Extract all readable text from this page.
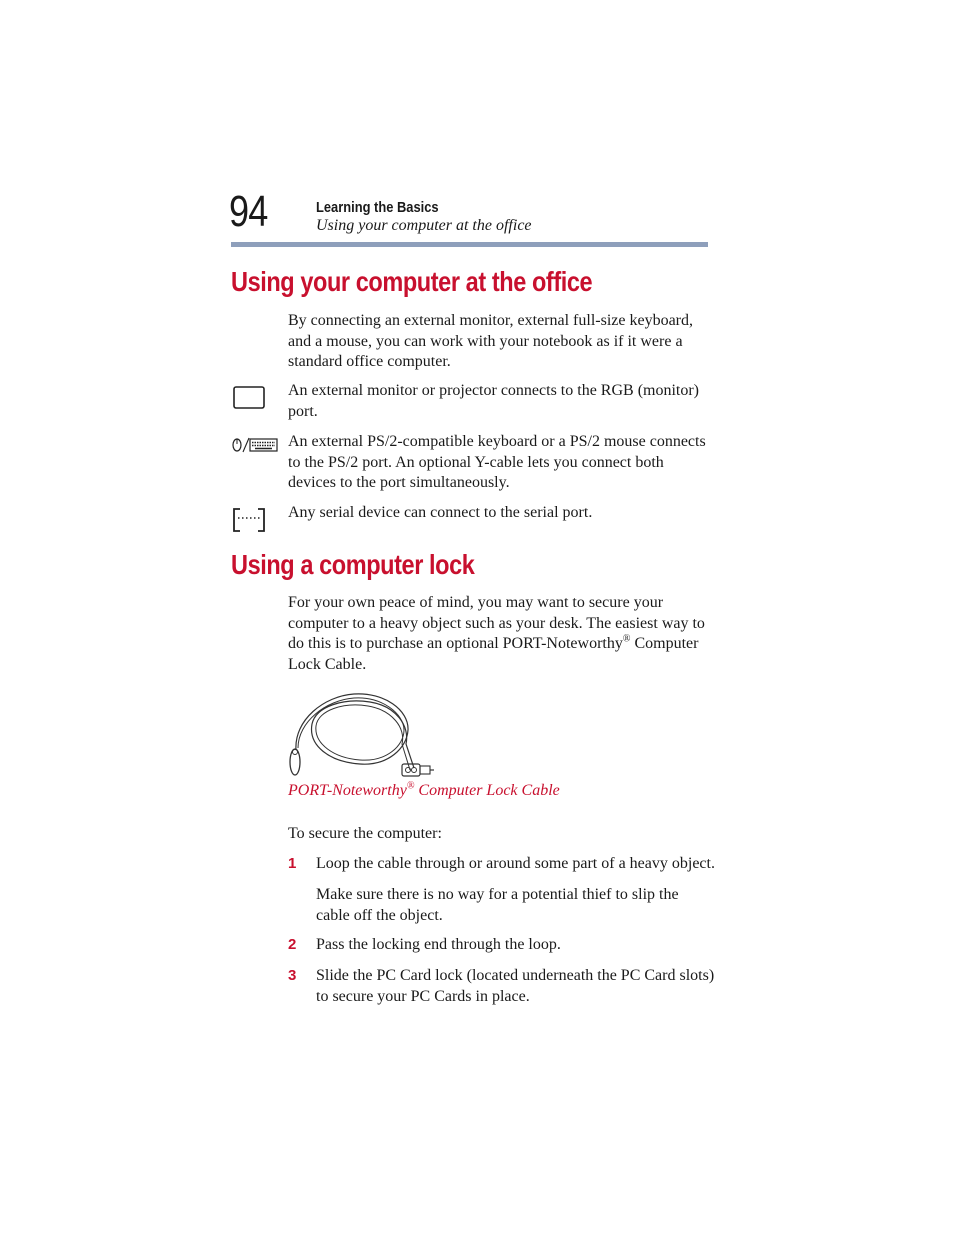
94	Learning the Basics
Using your computer at the office
Using your computer at the office

By connecting an external monitor, external full-size keyboard, and a mouse, you can work with your notebook as if it were a standard office computer.

An external monitor or projector connects to the RGB (monitor) port.

An external PS/2-compatible keyboard or a PS/2 mouse connects to the PS/2 port. An optional Y-cable lets you connect both devices to the port simultaneously.

Any serial device can connect to the serial port.

Using a computer lock

For your own peace of mind, you may want to secure your computer to a heavy object such as your desk. The easiest way to do this is to purchase an optional PORT-Noteworthy® Computer Lock Cable.

PORT-Noteworthy® Computer Lock Cable

To secure the computer:

1 Loop the cable through or around some part of a heavy object.

Make sure there is no way for a potential thief to slip the cable off the object.

2 Pass the locking end through the loop.

3 Slide the PC Card lock (located underneath the PC Card slots) to secure your PC Cards in place.
